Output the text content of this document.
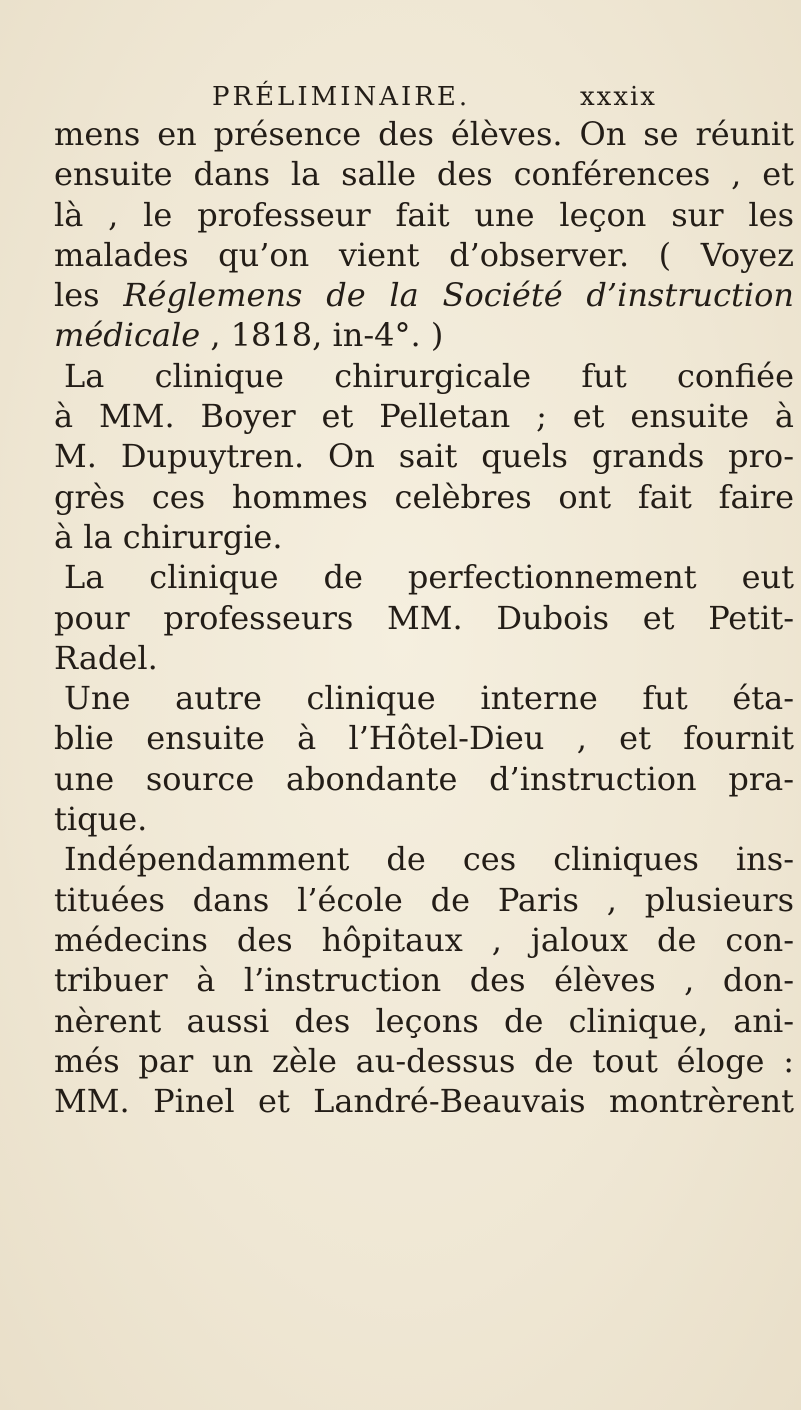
PRÉLIMINAIRE.	xxxix
mens en présence des élèves. On se réunit
ensuite dans la salle des conférences , et
là , le professeur fait une leçon sur les
malades qu’on vient d’observer. ( Voyez
les Réglemens de la Société d’instruction
médicale , 1818, in-4°. )
La clinique chirurgicale fut confiée
à MM. Boyer et Pelletan ; et ensuite à
M. Dupuytren. On sait quels grands pro-
grès ces hommes celèbres ont fait faire
à la chirurgie.
La clinique de perfectionnement eut
pour professeurs MM. Dubois et Petit-
Radel.
Une autre clinique interne fut éta-
blie ensuite à l’Hôtel-Dieu , et fournit
une source abondante d’instruction pra-
tique.
Indépendamment de ces cliniques ins-
tituées dans l’école de Paris , plusieurs
médecins des hôpitaux , jaloux de con-
tribuer à l’instruction des élèves , don-
nèrent aussi des leçons de clinique, ani-
més par un zèle au-dessus de tout éloge :
MM. Pinel et Landré-Beauvais montrèrent
